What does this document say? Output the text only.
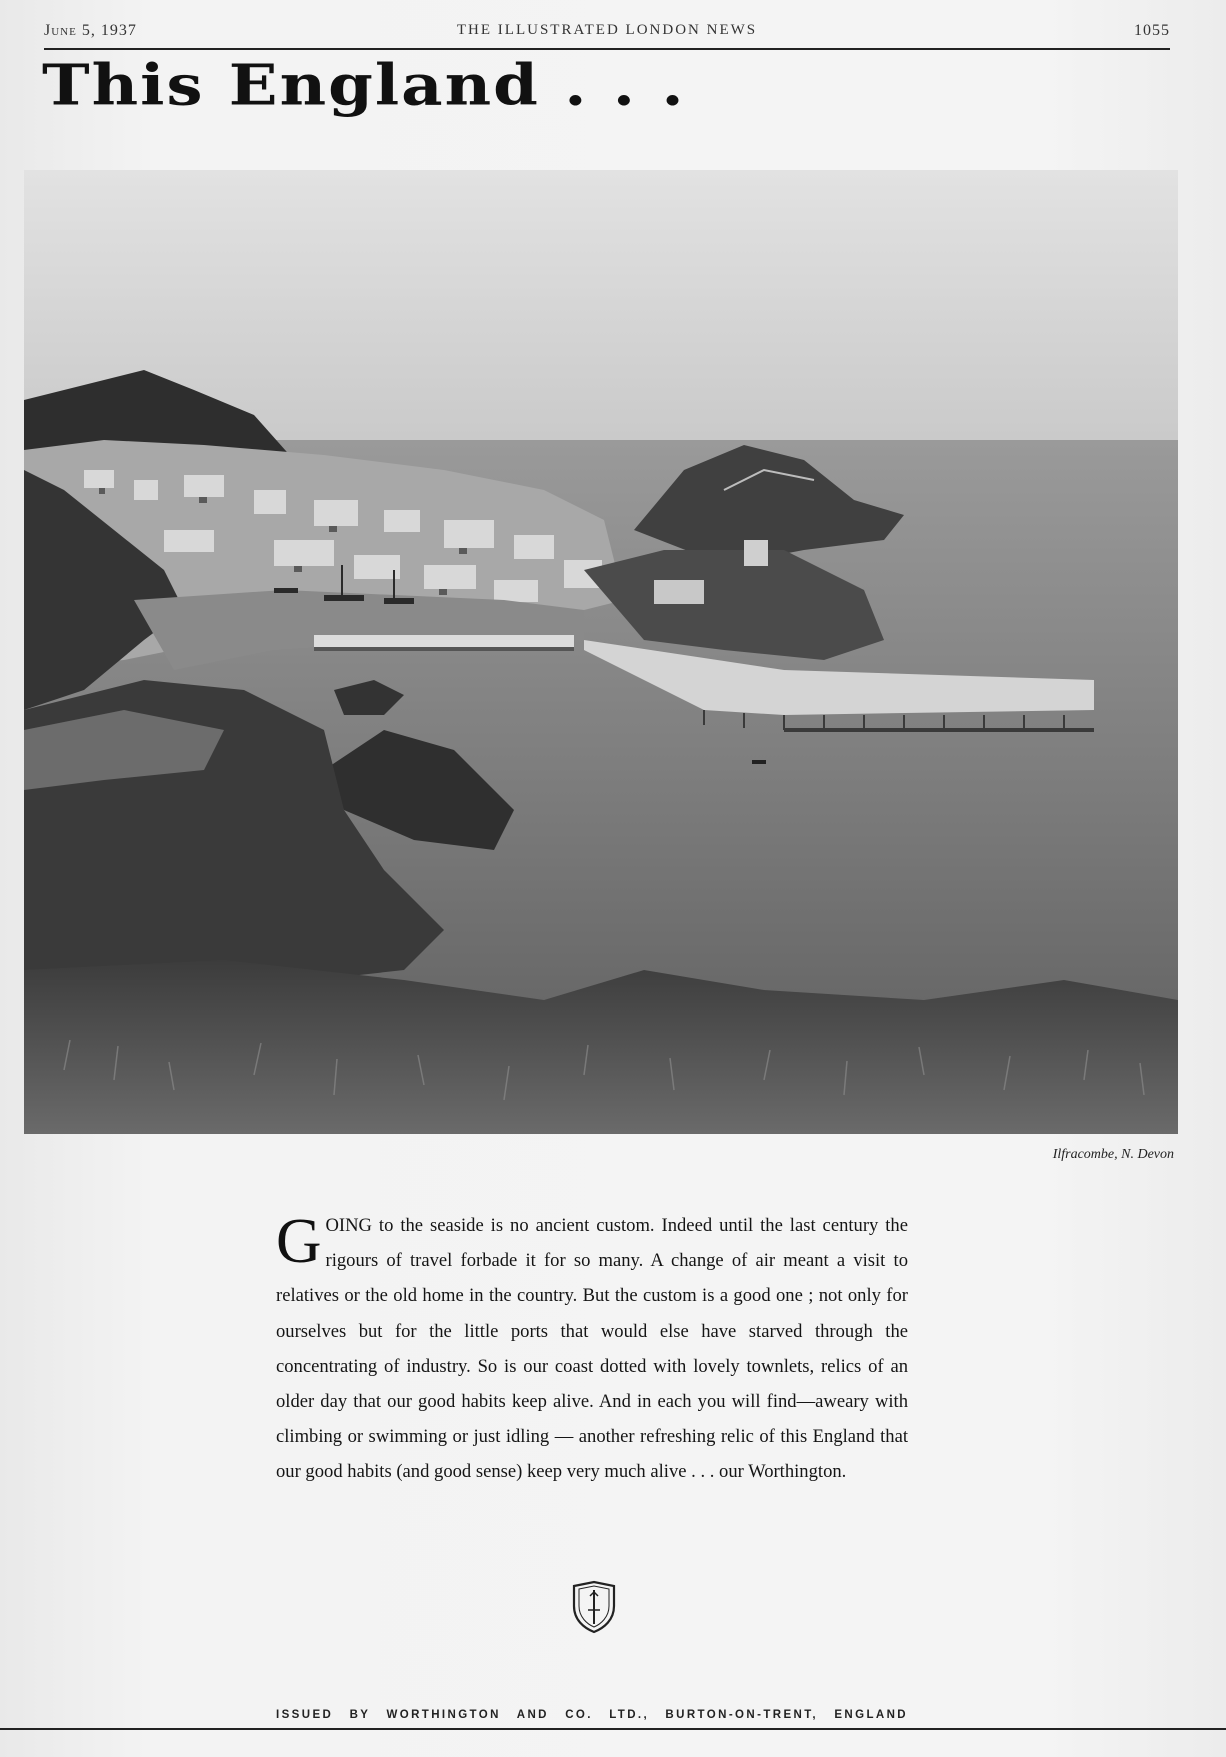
June 5, 1937	THE ILLUSTRATED LONDON NEWS	1055
This England . . .
Ilfracombe, N. Devon
G OING to the seaside is no ancient custom. Indeed until the last century the rigours of travel forbade it for so many. A change of air meant a visit to relatives or the old home in the country. But the custom is a good one ; not only for ourselves but for the little ports that would else have starved through the concentrating of industry. So is our coast dotted with lovely townlets, relics of an older day that our good habits keep alive. And in each you will find—aweary with climbing or swimming or just idling — another refreshing relic of this England that our good habits (and good sense) keep very much alive . . . our Worthington.
ISSUED BY WORTHINGTON AND CO. LTD., BURTON-ON-TRENT, ENGLAND
